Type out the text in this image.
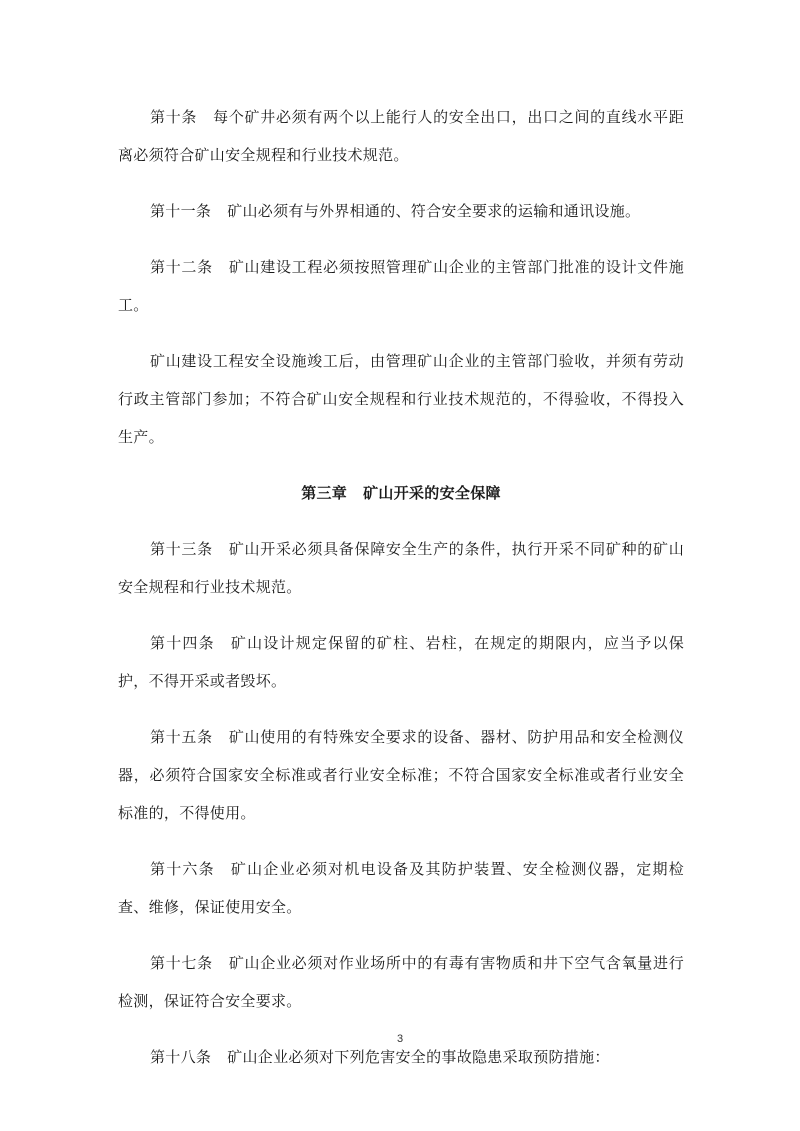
第十条 每个矿井必须有两个以上能行人的安全出口，出口之间的直线水平距离必须符合矿山安全规程和行业技术规范。

第十一条 矿山必须有与外界相通的、符合安全要求的运输和通讯设施。

第十二条 矿山建设工程必须按照管理矿山企业的主管部门批准的设计文件施工。

矿山建设工程安全设施竣工后，由管理矿山企业的主管部门验收，并须有劳动行政主管部门参加；不符合矿山安全规程和行业技术规范的，不得验收，不得投入生产。

第三章 矿山开采的安全保障

第十三条 矿山开采必须具备保障安全生产的条件，执行开采不同矿种的矿山安全规程和行业技术规范。

第十四条 矿山设计规定保留的矿柱、岩柱，在规定的期限内，应当予以保护，不得开采或者毁坏。

第十五条 矿山使用的有特殊安全要求的设备、器材、防护用品和安全检测仪器，必须符合国家安全标准或者行业安全标准；不符合国家安全标准或者行业安全标准的，不得使用。

第十六条 矿山企业必须对机电设备及其防护装置、安全检测仪器，定期检查、维修，保证使用安全。

第十七条 矿山企业必须对作业场所中的有毒有害物质和井下空气含氧量进行检测，保证符合安全要求。

第十八条 矿山企业必须对下列危害安全的事故隐患采取预防措施：

3
